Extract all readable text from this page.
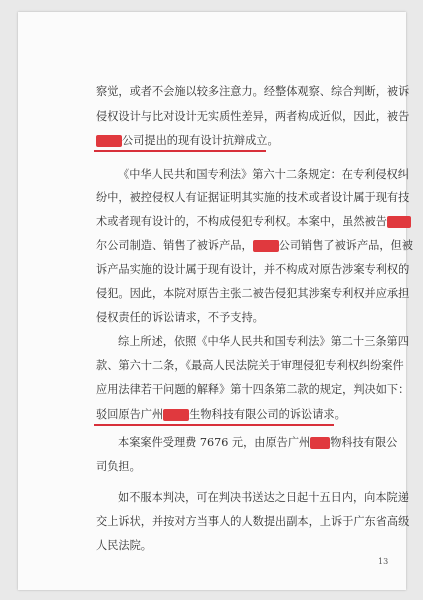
察觉，或者不会施以较多注意力。经整体观察、综合判断，被诉
侵权设计与比对设计无实质性差异，两者构成近似，因此，被告
公司提出的现有设计抗辩成立。
《中华人民共和国专利法》第六十二条规定：在专利侵权纠
纷中，被控侵权人有证据证明其实施的技术或者设计属于现有技
术或者现有设计的，不构成侵犯专利权。本案中，虽然被告
尔公司制造、销售了被诉产品， 公司销售了被诉产品，但被
诉产品实施的设计属于现有设计，并不构成对原告涉案专利权的
侵犯。因此，本院对原告主张二被告侵犯其涉案专利权并应承担
侵权责任的诉讼请求，不予支持。
综上所述，依照《中华人民共和国专利法》第二十三条第四
款、第六十二条，《最高人民法院关于审理侵犯专利权纠纷案件
应用法律若干问题的解释》第十四条第二款的规定，判决如下：
驳回原告广州 生物科技有限公司的诉讼请求。
本案案件受理费 7676 元，由原告广州 物科技有限公
司负担。
如不服本判决，可在判决书送达之日起十五日内，向本院递
交上诉状，并按对方当事人的人数提出副本，上诉于广东省高级
人民法院。
13
